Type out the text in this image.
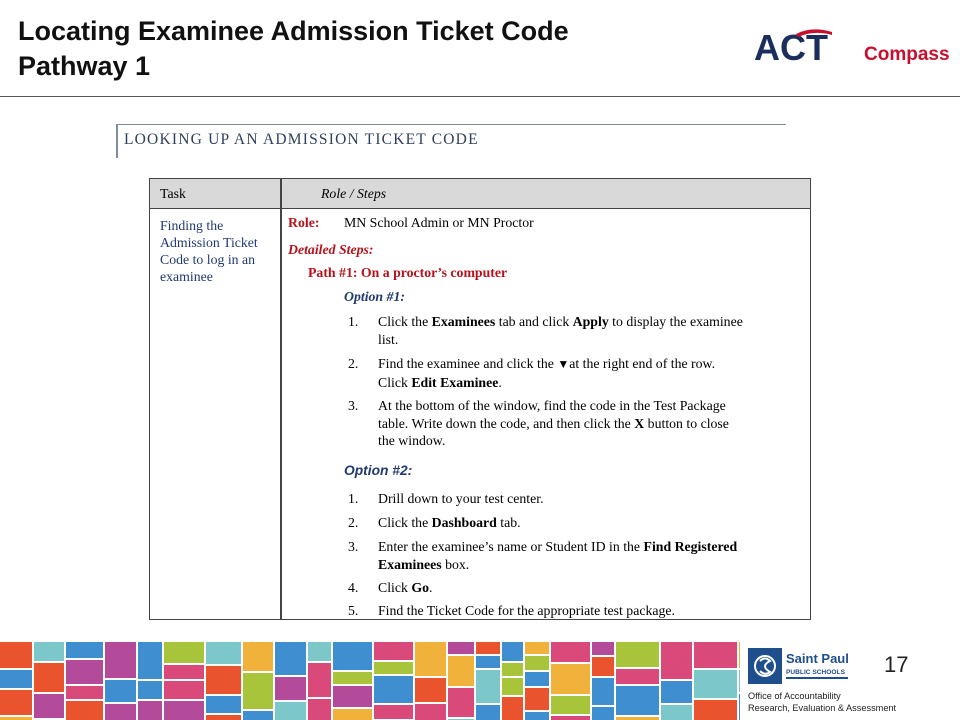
Locating Examinee Admission Ticket Code
Pathway 1	ACT Compass
LOOKING UP AN ADMISSION TICKET CODE
Task	Role / Steps
Finding the
Admission Ticket
Code to log in an
examinee
Role: MN School Admin or MN Proctor
Detailed Steps:
Path #1: On a proctor’s computer
Option #1:
1. Click the Examinees tab and click Apply to display the examinee
list.
2. Find the examinee and click the ▼at the right end of the row.
Click Edit Examinee.
3. At the bottom of the window, find the code in the Test Package
table. Write down the code, and then click the X button to close
the window.
Option #2:
1. Drill down to your test center.
2. Click the Dashboard tab.
3. Enter the examinee’s name or Student ID in the Find Registered
Examinees box.
4. Click Go.
5. Find the Ticket Code for the appropriate test package.
Saint Paul
PUBLIC SCHOOLS 17
Office of Accountability
Research, Evaluation & Assessment
